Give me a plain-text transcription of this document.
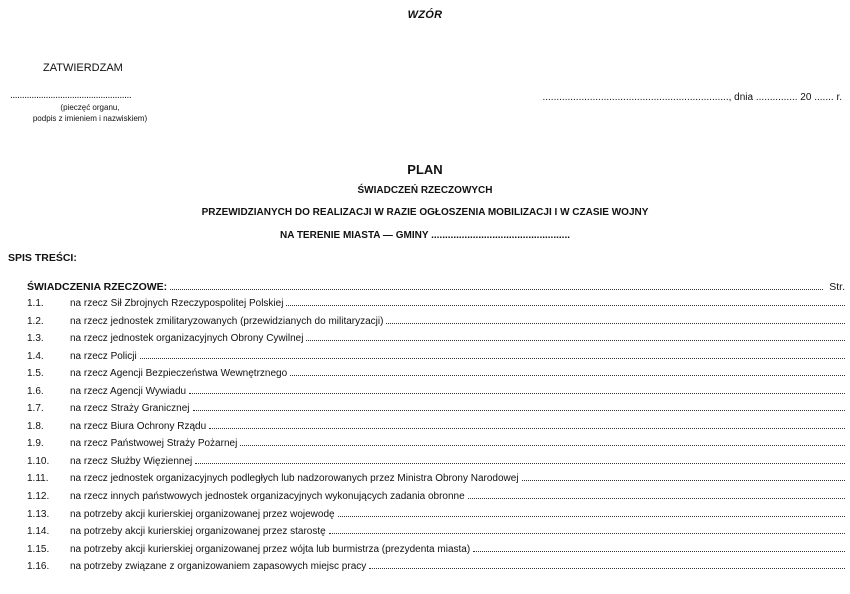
WZÓR
ZATWIERDZAM
...................................................
(pieczęć organu,
podpis z imieniem i nazwiskiem)
..................................................................., dnia ............... 20 ....... r.
PLAN
ŚWIADCZEŃ RZECZOWYCH
PRZEWIDZIANYCH DO REALIZACJI W RAZIE OGŁOSZENIA MOBILIZACJI I W CZASIE WOJNY
NA TERENIE MIASTA — GMINY ..................................................
SPIS TREŚCI:
ŚWIADCZENIA RZECZOWE:	Str.
1.1.	na rzecz Sił Zbrojnych Rzeczypospolitej Polskiej
1.2.	na rzecz jednostek zmilitaryzowanych (przewidzianych do militaryzacji)
1.3.	na rzecz jednostek organizacyjnych Obrony Cywilnej
1.4.	na rzecz Policji
1.5.	na rzecz Agencji Bezpieczeństwa Wewnętrznego
1.6.	na rzecz Agencji Wywiadu
1.7.	na rzecz Straży Granicznej
1.8.	na rzecz Biura Ochrony Rządu
1.9.	na rzecz Państwowej Straży Pożarnej
1.10.	na rzecz Służby Więziennej
1.11.	na rzecz jednostek organizacyjnych podległych lub nadzorowanych przez Ministra Obrony Narodowej
1.12.	na rzecz innych państwowych jednostek organizacyjnych wykonujących zadania obronne
1.13.	na potrzeby akcji kurierskiej organizowanej przez wojewodę
1.14.	na potrzeby akcji kurierskiej organizowanej przez starostę
1.15.	na potrzeby akcji kurierskiej organizowanej przez wójta lub burmistrza (prezydenta miasta)
1.16.	na potrzeby związane z organizowaniem zapasowych miejsc pracy
